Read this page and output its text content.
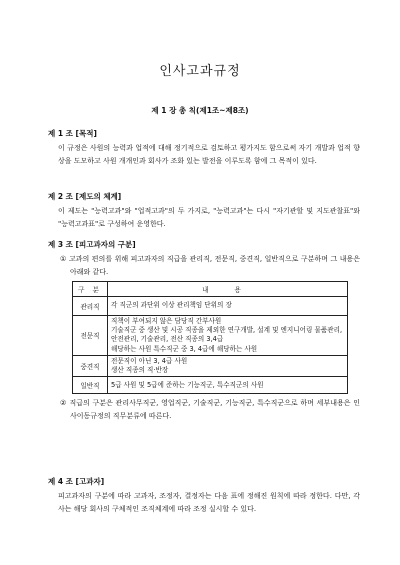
인사고과규정
제 1 장 총 칙(제1조~제8조)
제 1 조 [목적]
이 규정은 사원의 능력과 업적에 대해 정기적으로 검토하고 평가지도 함으로써 자기 개발과 업적 향상을 도모하고 사원 개개인과 회사가 조화 있는 발전을 이루도록 함에 그 목적이 있다.
제 2 조 [제도의 체계]
이 제도는 "능력고과"와 "업적고과"의 두 가지로, "능력고과"는 다시 "자기관할 및 지도관찰표"와 "능력고과표"로 구성하여 운영한다.
제 3 조 [피고과자의 구분]
① 고과의 편의를 위해 피고과자의 직급을 관리직, 전문직, 중견직, 일반직으로 구분하며 그 내용은 아래와 같다.
구 분	내 용
관리직	각 직군의 과단위 이상 관리책임 단위의 장
전문직	직책이 부여되지 않은 담당직 간부사원
기술직군 중 생산 및 시공 직종을 제외한 연구개발, 설계 및 엔지니어링 물품관리, 안전관리, 기술관리, 전산 직종의 3,4급
해당하는 사원 특수직군 중 3, 4급에 해당하는 사원
중견직	전문직이 아닌 3, 4급 사원
생산 직종의 직·반장
일반직	5급 사원 및 5급에 준하는 기능직군, 특수직군의 사원
② 직급의 구분은 관리사무직군, 영업직군, 기술직군, 기능직군, 특수직군으로 하며 세부내용은 인사이동규정의 직무분류에 따른다.
제 4 조 [고과자]
피고과자의 구분에 따라 고과자, 조정자, 결정자는 다음 표에 정해진 원칙에 따라 정한다. 다만, 각 사는 해당 회사의 구체적인 조직체계에 따라 조정 실시할 수 있다.
